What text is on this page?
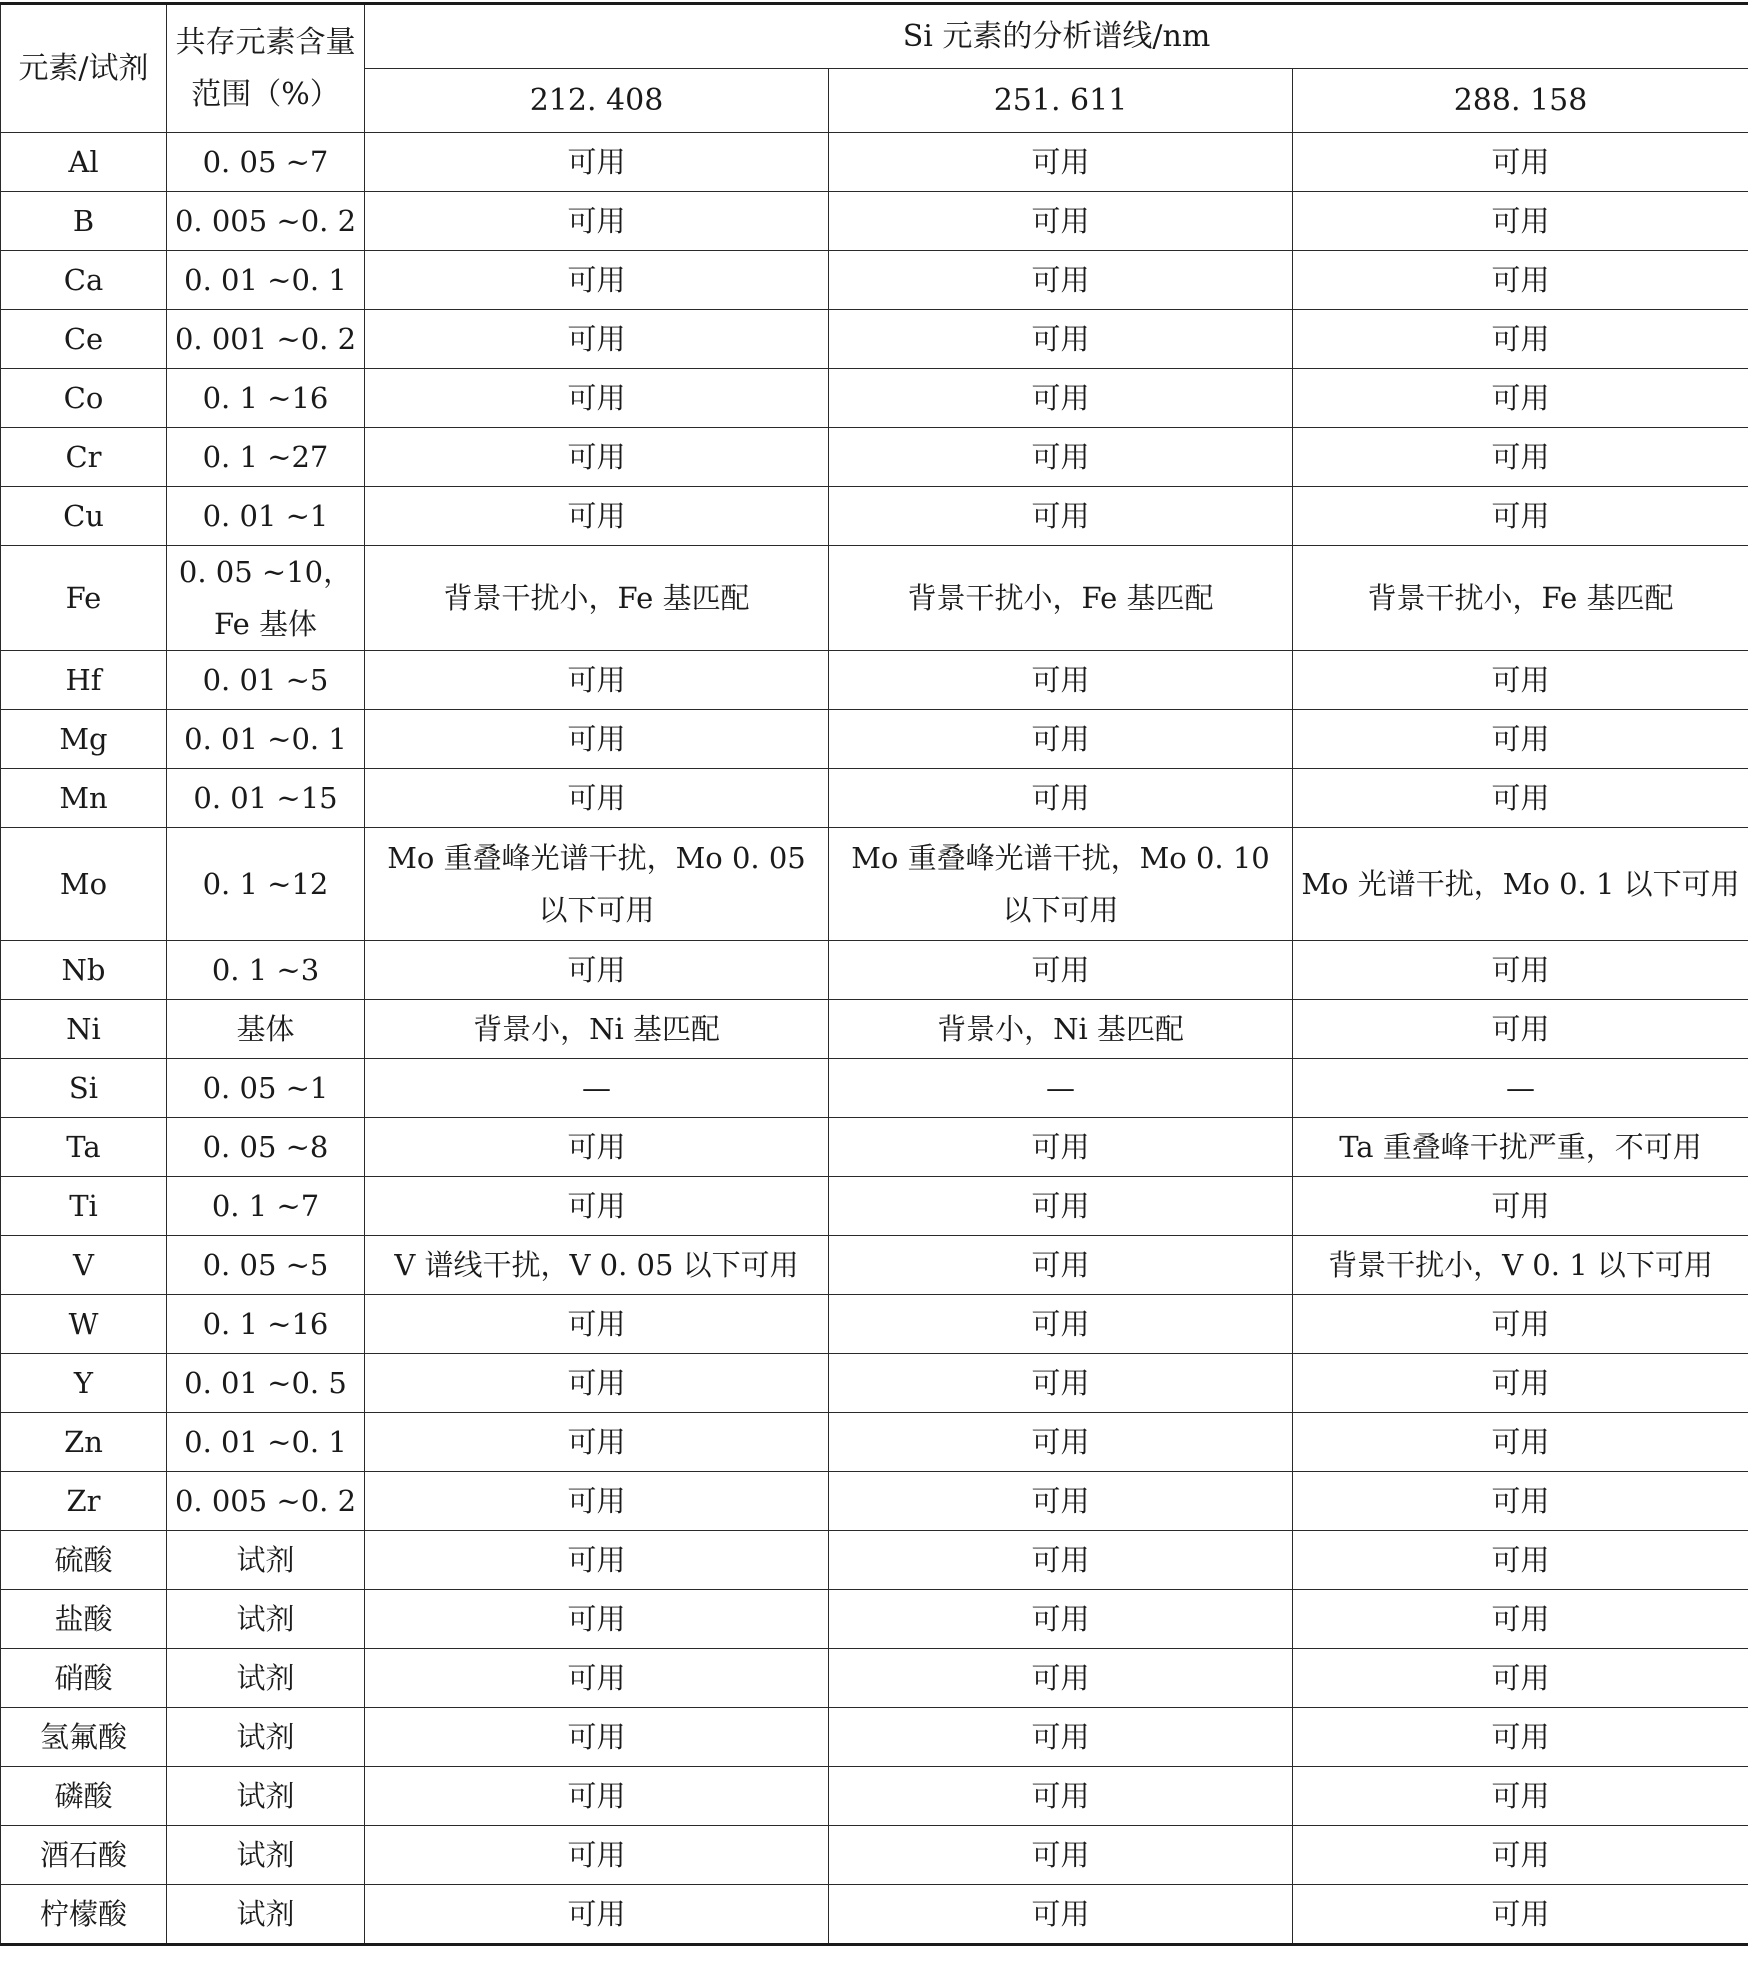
元素/试剂	共存元素含量范围（%）	Si 元素的分析谱线/nm		
		212. 408	251. 611	288. 158
Al	0. 05 ~7	可用	可用	可用
B	0. 005 ~0. 2	可用	可用	可用
Ca	0. 01 ~0. 1	可用	可用	可用
Ce	0. 001 ~0. 2	可用	可用	可用
Co	0. 1 ~16	可用	可用	可用
Cr	0. 1 ~27	可用	可用	可用
Cu	0. 01 ~1	可用	可用	可用
Fe	0. 05 ~10，Fe 基体	背景干扰小，Fe 基匹配	背景干扰小，Fe 基匹配	背景干扰小，Fe 基匹配
Hf	0. 01 ~5	可用	可用	可用
Mg	0. 01 ~0. 1	可用	可用	可用
Mn	0. 01 ~15	可用	可用	可用
Mo	0. 1 ~12	Mo 重叠峰光谱干扰，Mo 0. 05 以下可用	Mo 重叠峰光谱干扰，Mo 0. 10 以下可用	Mo 光谱干扰，Mo 0. 1 以下可用
Nb	0. 1 ~3	可用	可用	可用
Ni	基体	背景小，Ni 基匹配	背景小，Ni 基匹配	可用
Si	0. 05 ~1	—	—	—
Ta	0. 05 ~8	可用	可用	Ta 重叠峰干扰严重，不可用
Ti	0. 1 ~7	可用	可用	可用
V	0. 05 ~5	V 谱线干扰，V 0. 05 以下可用	可用	背景干扰小，V 0. 1 以下可用
W	0. 1 ~16	可用	可用	可用
Y	0. 01 ~0. 5	可用	可用	可用
Zn	0. 01 ~0. 1	可用	可用	可用
Zr	0. 005 ~0. 2	可用	可用	可用
硫酸	试剂	可用	可用	可用
盐酸	试剂	可用	可用	可用
硝酸	试剂	可用	可用	可用
氢氟酸	试剂	可用	可用	可用
磷酸	试剂	可用	可用	可用
酒石酸	试剂	可用	可用	可用
柠檬酸	试剂	可用	可用	可用
